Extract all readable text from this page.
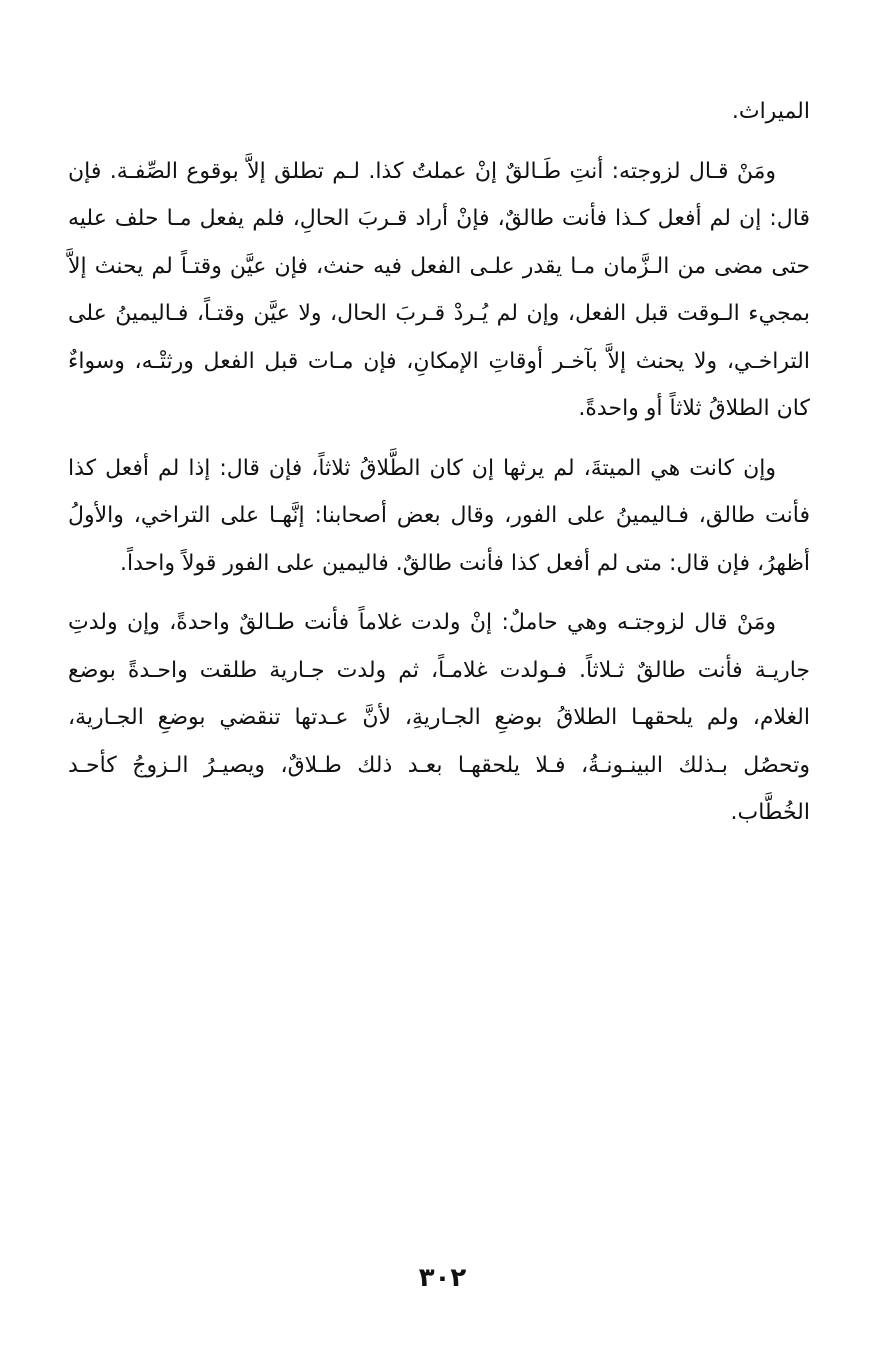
الميراث.

ومَنْ قـال لزوجته: أنتِ طَـالقٌ إنْ عملتُ كذا. لـم تطلق إلاَّ بوقوع الصِّفـة. فإن قال: إن لم أفعل كـذا فأنت طالقٌ، فإنْ أراد قـربَ الحالِ، فلم يفعل مـا حلف عليه حتى مضى من الـزَّمان مـا يقدر علـى الفعل فيه حنث، فإن عيَّن وقتـاً لم يحنث إلاَّ بمجيء الـوقت قبل الفعل، وإن لم يُـردْ قـربَ الحال، ولا عيَّن وقتـاً، فـاليمينُ على التراخـي، ولا يحنث إلاَّ بآخـر أوقاتِ الإمكانِ، فإن مـات قبل الفعل ورثتْـه، وسواءٌ كان الطلاقُ ثلاثاً أو واحدةً.

وإن كانت هي الميتةَ، لم يرثها إن كان الطَّلاقُ ثلاثاً، فإن قال: إذا لم أفعل كذا فأنت طالق، فـاليمينُ على الفور، وقال بعض أصحابنا: إنَّهـا على التراخي، والأولُ أظهرُ، فإن قال: متى لم أفعل كذا فأنت طالقٌ. فاليمين على الفور قولاً واحداً.

ومَنْ قال لزوجتـه وهي حاملٌ: إنْ ولدت غلاماً فأنت طـالقٌ واحدةً، وإن ولدتِ جاريـة فأنت طالقٌ ثـلاثاً. فـولدت غلامـاً، ثم ولدت جـارية طلقت واحـدةً بوضع الغلام، ولم يلحقهـا الطلاقُ بوضعِ الجـاريةِ، لأنَّ عـدتها تنقضي بوضعِ الجـارية، وتحصُل بـذلك البينـونـةُ، فـلا يلحقهـا بعـد ذلك طـلاقٌ، ويصيـرُ الـزوجُ كأحـد الخُطَّاب.

٣٠٢
